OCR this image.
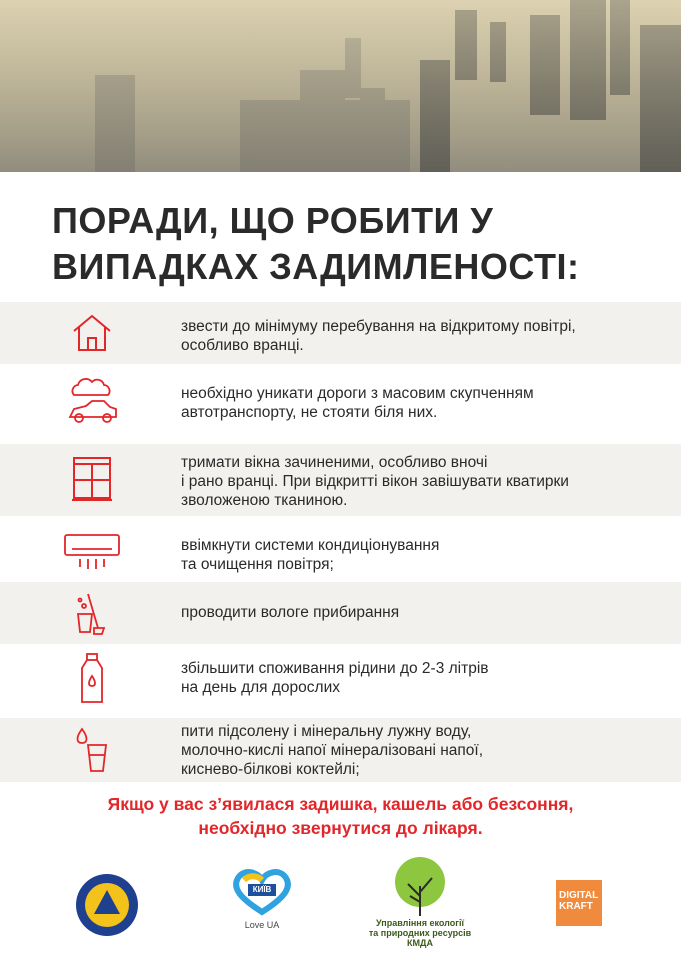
ПОРАДИ, ЩО РОБИТИ У
ВИПАДКАХ ЗАДИМЛЕНОСТІ:
звести до мінімуму перебування на відкритому повітрі,
особливо вранці.
необхідно уникати дороги з масовим скупченням
автотранспорту, не стояти біля них.
тримати вікна зачиненими, особливо вночі
і рано вранці. При відкритті вікон завішувати кватирки
зволоженою тканиною.
ввімкнути системи кондиціонування
та очищення повітря;
проводити вологе прибирання
збільшити споживання рідини до 2-3 літрів
на день для дорослих
пити підсолену і мінеральну лужну воду,
молочно-кислі напої мінералізовані напої,
киснево-білкові коктейлі;
Якщо у вас з’явилася задишка, кашель або безсоння,
необхідно звернутися до лікаря.
КИЇВ
Love UA	Управління екології
та природних ресурсів
КМДА
DIGITAL
KRAFT
